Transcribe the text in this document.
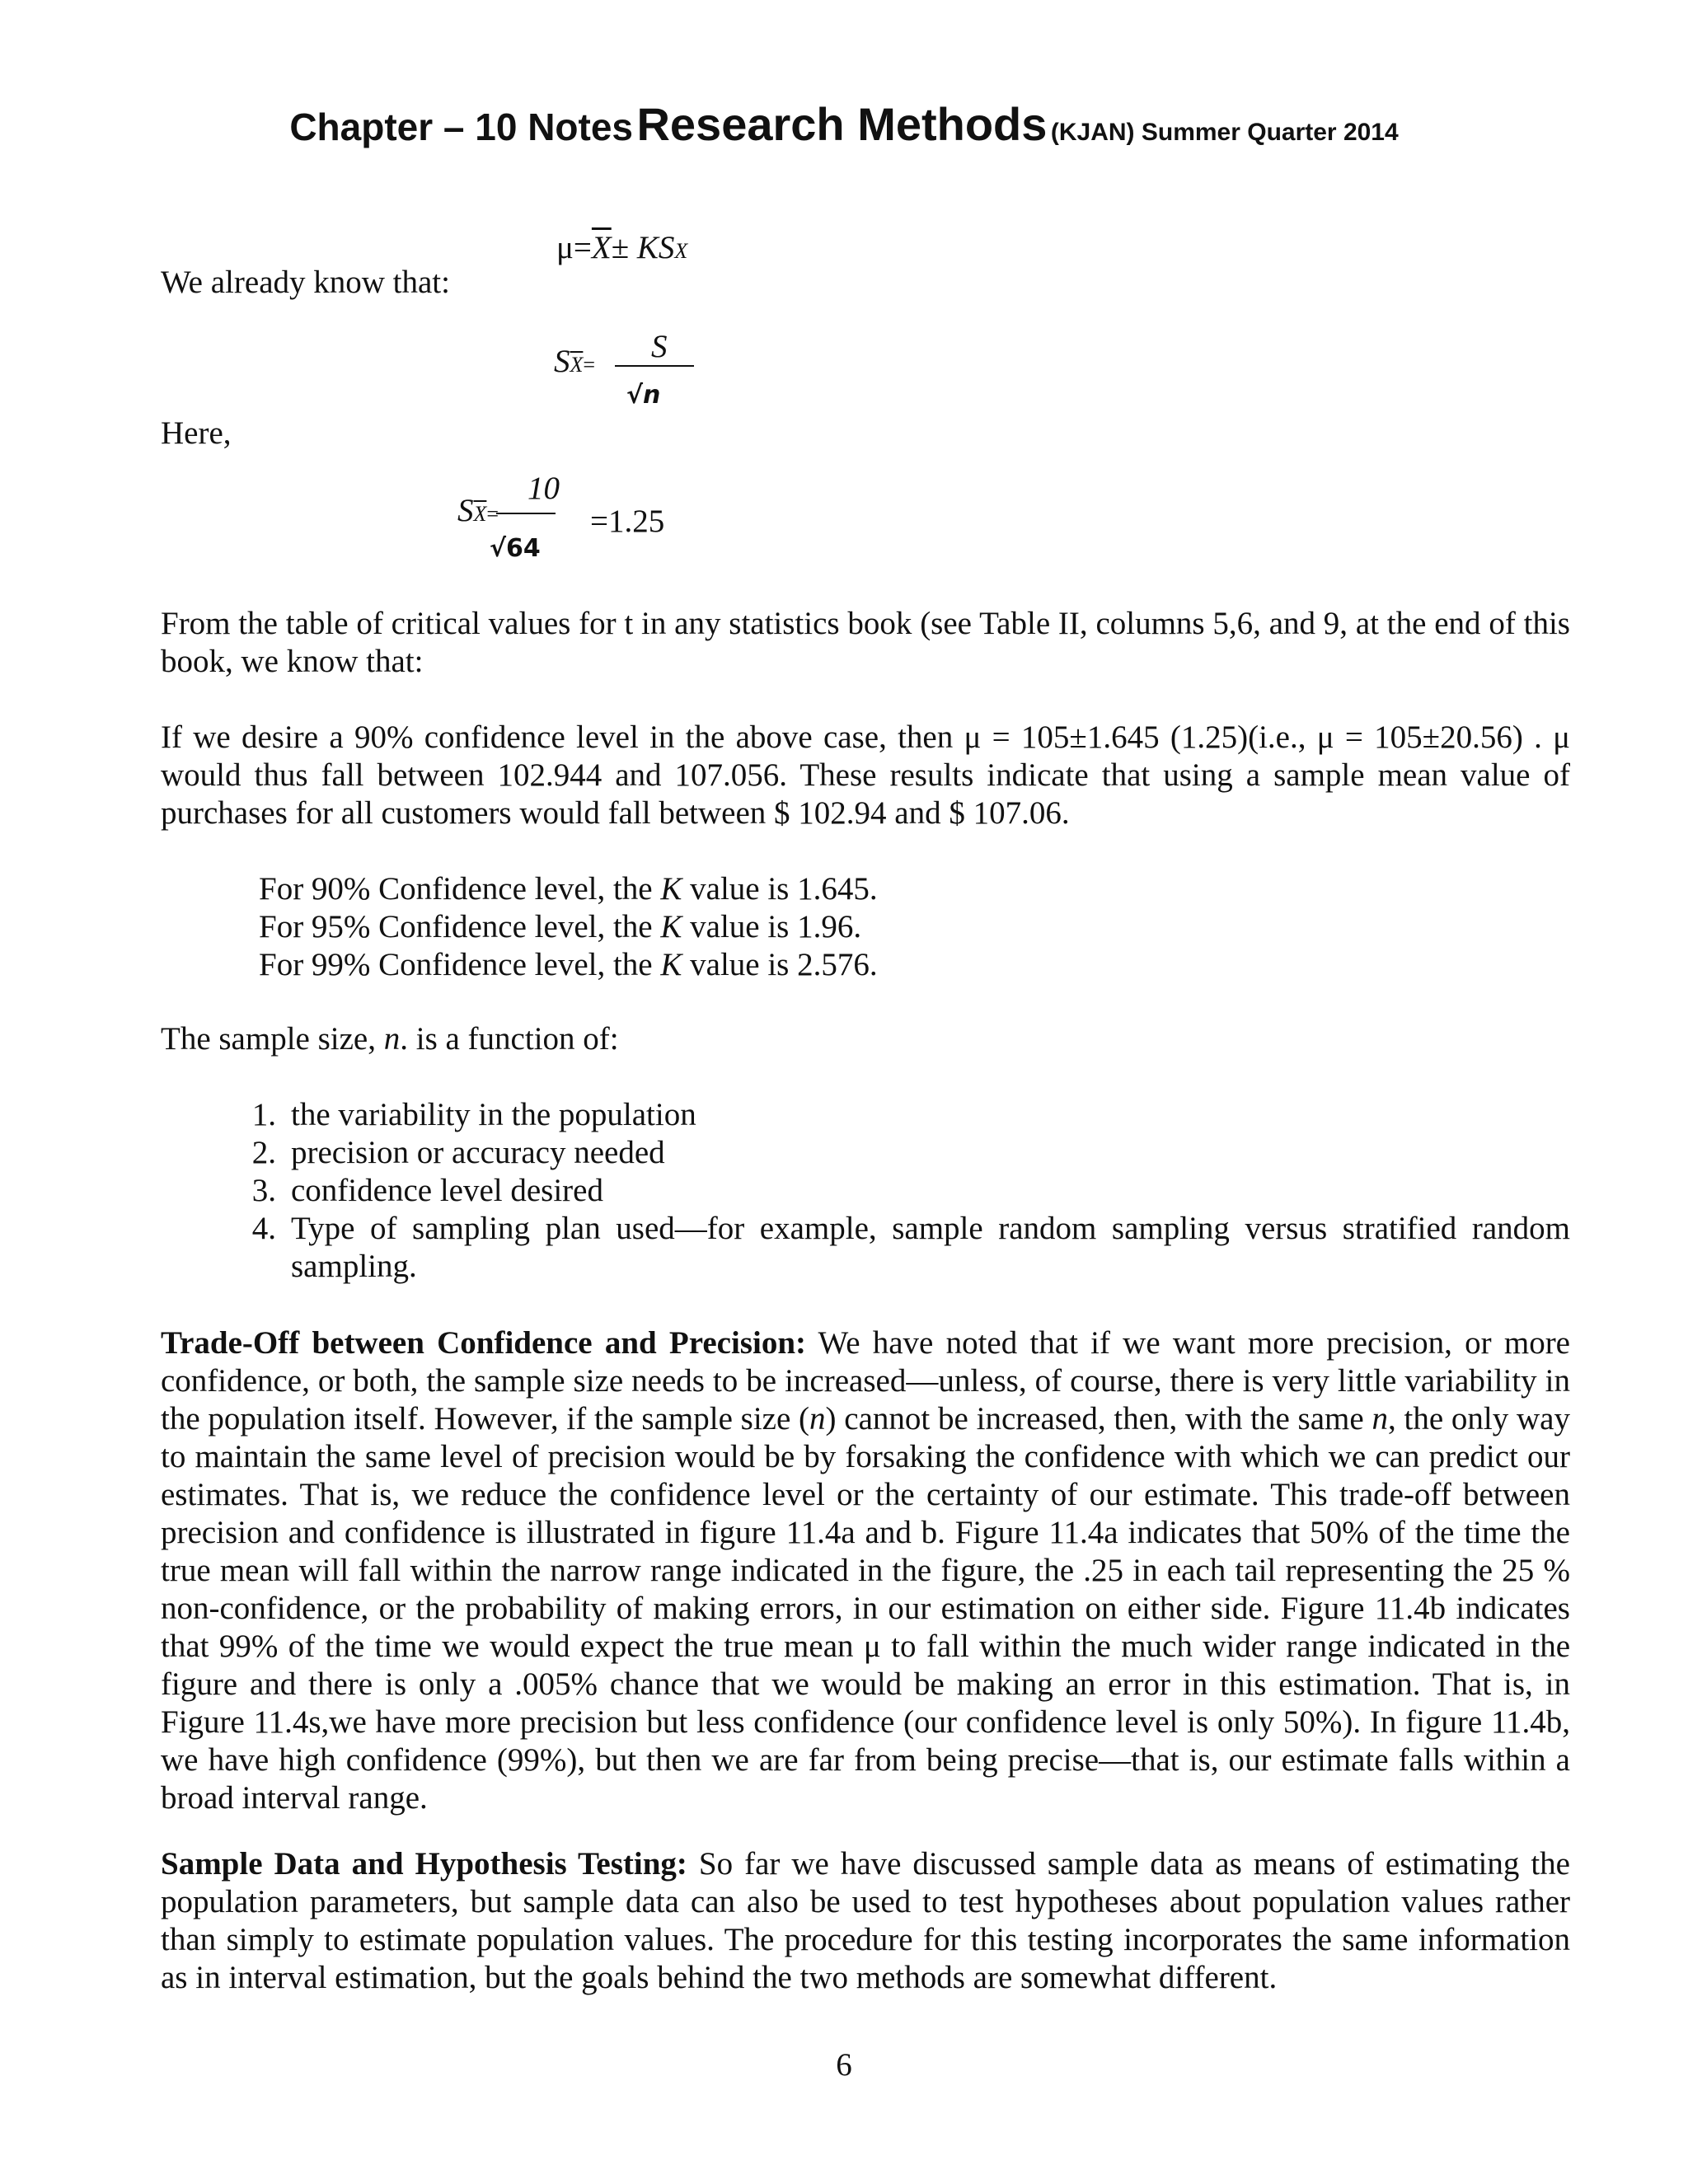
Chapter – 10 Notes Research Methods (KJAN) Summer Quarter 2014
We already know that:
$\mu=\overline{X}\pm$ KSX
Here,
$S\overline{X}=$
S
√n
$S\overline{X}=$
10
√64
=1.25
From the table of critical values for t in any statistics book (see Table II, columns 5,6, and 9, at the end of this book, we know that:
If we desire a 90% confidence level in the above case, then μ = 105±1.645 (1.25)(i.e., μ = 105±20.56) . μ would thus fall between 102.944 and 107.056. These results indicate that using a sample mean value of purchases for all customers would fall between $ 102.94 and $ 107.06.
For 90% Confidence level, the K value is 1.645.
For 95% Confidence level, the K value is 1.96.
For 99% Confidence level, the K value is 2.576.
The sample size, n. is a function of:
1. the variability in the population
2. precision or accuracy needed
3. confidence level desired
4. Type of sampling plan used—for example, sample random sampling versus stratified random sampling.
Trade-Off between Confidence and Precision: We have noted that if we want more precision, or more confidence, or both, the sample size needs to be increased—unless, of course, there is very little variability in the population itself. However, if the sample size (n) cannot be increased, then, with the same n, the only way to maintain the same level of precision would be by forsaking the confidence with which we can predict our estimates. That is, we reduce the confidence level or the certainty of our estimate. This trade-off between precision and confidence is illustrated in figure 11.4a and b. Figure 11.4a indicates that 50% of the time the true mean will fall within the narrow range indicated in the figure, the .25 in each tail representing the 25 % non-confidence, or the probability of making errors, in our estimation on either side. Figure 11.4b indicates that 99% of the time we would expect the true mean μ to fall within the much wider range indicated in the figure and there is only a .005% chance that we would be making an error in this estimation. That is, in Figure 11.4s,we have more precision but less confidence (our confidence level is only 50%). In figure 11.4b, we have high confidence (99%), but then we are far from being precise—that is, our estimate falls within a broad interval range.
Sample Data and Hypothesis Testing: So far we have discussed sample data as means of estimating the population parameters, but sample data can also be used to test hypotheses about population values rather than simply to estimate population values. The procedure for this testing incorporates the same information as in interval estimation, but the goals behind the two methods are somewhat different.
6
